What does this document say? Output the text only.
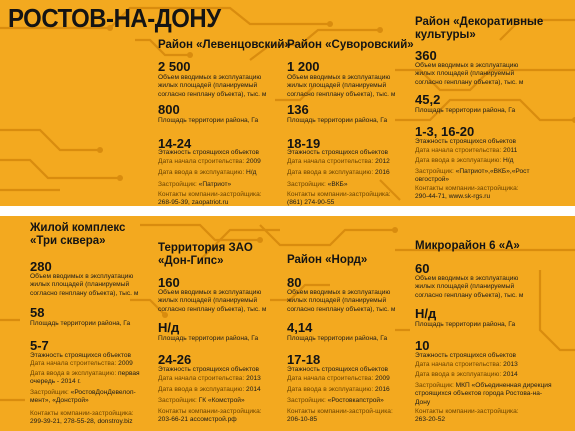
РОСТОВ-НА-ДОНУ
Район «Левенцовский»
2 500
Объем вводимых в эксплуатацию жилых площадей (планируемый согласно генплану объекта), тыс. м
800
Площадь территории района, Га
14-24
Этажность строящихся объектов
Дата начала строительства: 2009
Дата ввода в эксплуатацию: Н/д
Застройщик: «Патриот»
Контакты компании-застройщика:
268-95-39, zaopatriot.ru
Район «Суворовский»
1 200
Объем вводимых в эксплуатацию жилых площадей (планируемый согласно генплану объекта), тыс. м
136
Площадь территории района, Га
18-19
Этажность строящихся объектов
Дата начала строительства: 2012
Дата ввода в эксплуатацию: 2016
Застройщик: «ВКБ»
Контакты компании-застройщика:
(861) 274-90-55
Район «Декоративные культуры»
360
Объем вводимых в эксплуатацию жилых площадей (планируемый согласно генплану объекта), тыс. м
45,2
Площадь территории района, Га
1-3, 16-20
Этажность строящихся объектов
Дата начала строительства: 2011
Дата ввода в эксплуатацию: Н/д
Застройщик: «Патриот»,«ВКБ»,«Рост овгострой»
Контакты компании-застройщика:
290-44-71, www.sk-rgs.ru
Жилой комплекс «Три сквера»
280
Объем вводимых в эксплуатацию жилых площадей (планируемый согласно генплану объекта), тыс. м
58
Площадь территории района, Га
5-7
Этажность строящихся объектов
Дата начала строительства: 2009
Дата ввода в эксплуатацию: первая очередь - 2014 г.
Застройщик: «РостовДонДевелоп-мент», «Донстрой»
Контакты компании-застройщика:
299-39-21, 278-55-28, donstroy.biz
Территория ЗАО «Дон-Гипс»
160
Объем вводимых в эксплуатацию жилых площадей (планируемый согласно генплану объекта), тыс. м
Н/д
Площадь территории района, Га
24-26
Этажность строящихся объектов
Дата начала строительства: 2013
Дата ввода в эксплуатацию: 2014
Застройщик: ГК «Комстрой»
Контакты компании-застройщика:
203-66-21 ассомстрой.рф
Район «Норд»
80
Объем вводимых в эксплуатацию жилых площадей (планируемый согласно генплану объекта), тыс. м
4,14
Площадь территории района, Га
17-18
Этажность строящихся объектов
Дата начала строительства: 2009
Дата ввода в эксплуатацию: 2016
Застройщик: «Ростовкапстрой»
Контакты компании-застрой-щика:
206-10-85
Микрорайон 6 «А»
60
Объем вводимых в эксплуатацию жилых площадей (планируемый согласно генплану объекта), тыс. м
Н/д
Площадь территории района, Га
10
Этажность строящихся объектов
Дата начала строительства: 2013
Дата ввода в эксплуатацию: 2014
Застройщик: МКП «Объединенная дирекция строящихся объектов города Ростова-на-Дону
Контакты компании-застройщика:
263-20-52
